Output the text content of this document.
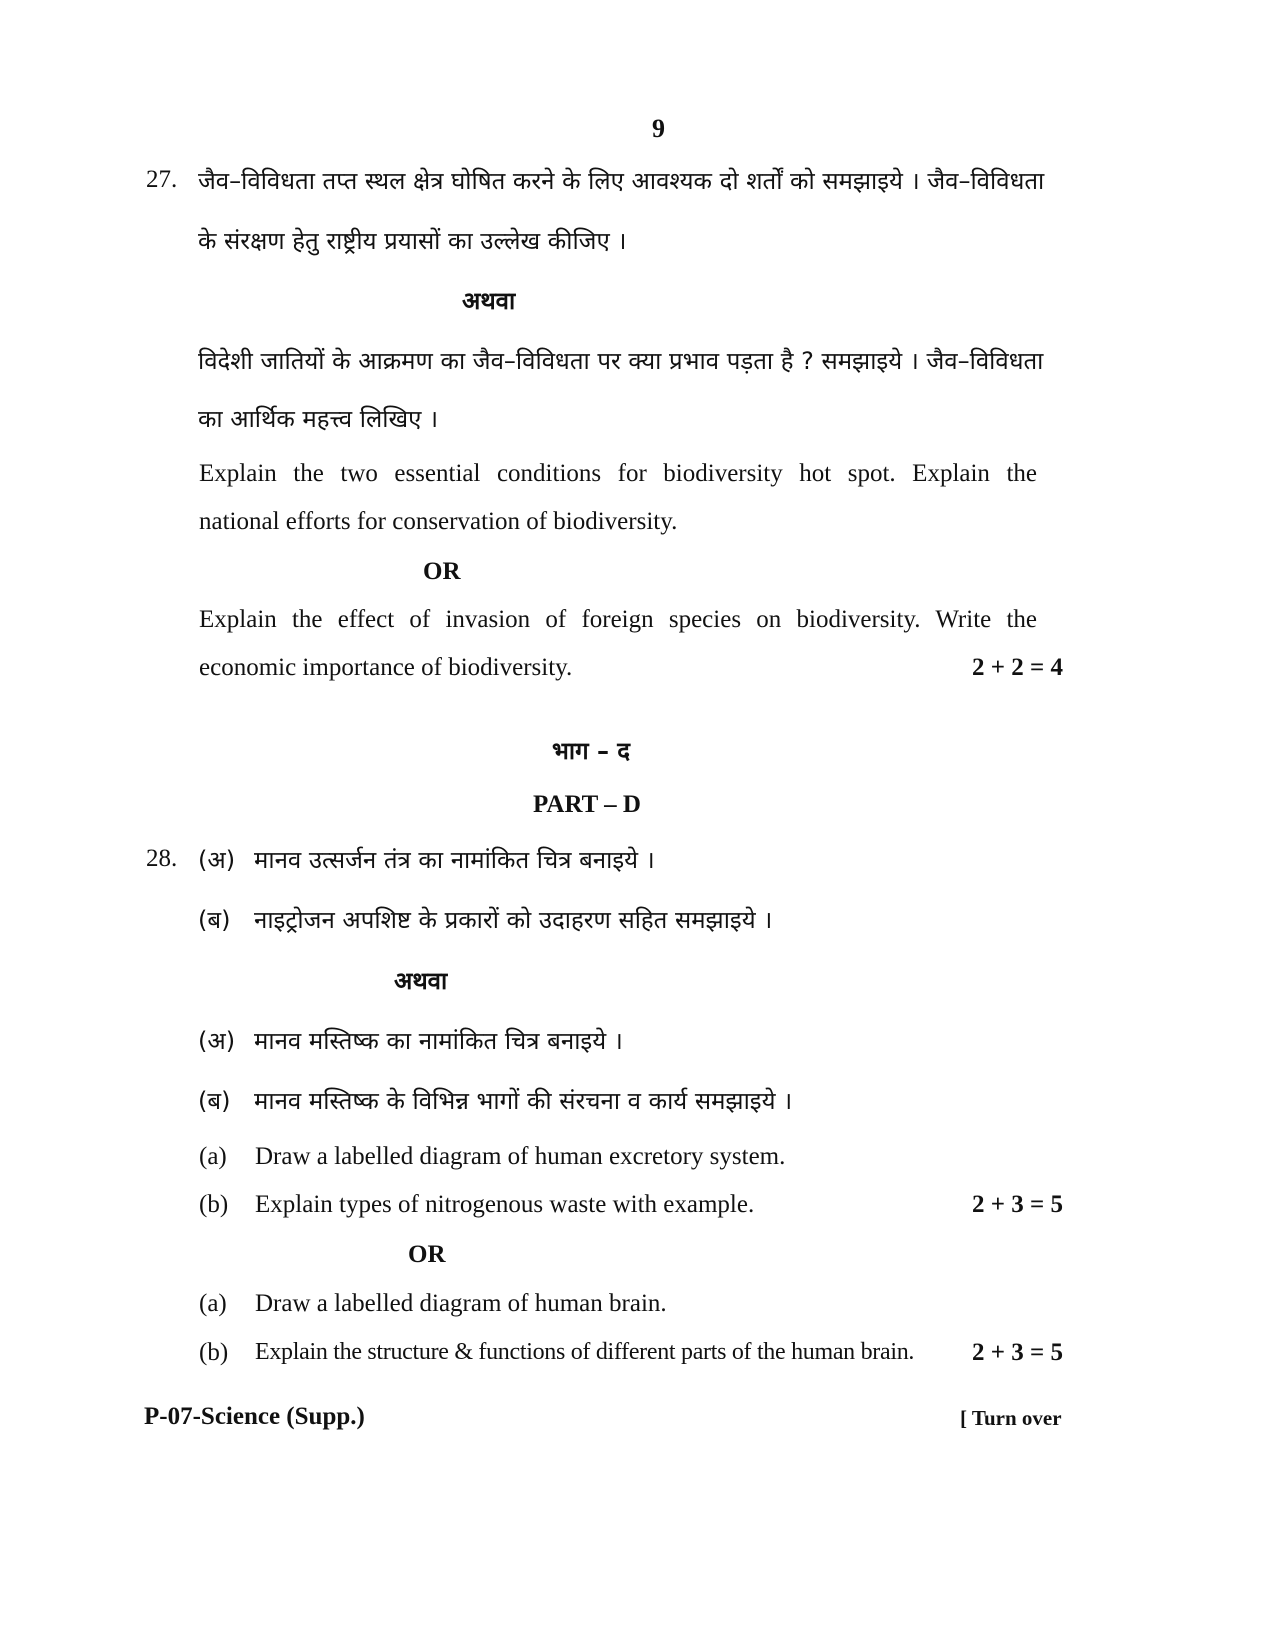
9
27. जैव–विविधता तप्त स्थल क्षेत्र घोषित करने के लिए आवश्यक दो शर्तों को समझाइये । जैव–विविधता
के संरक्षण हेतु राष्ट्रीय प्रयासों का उल्लेख कीजिए ।
अथवा
विदेशी जातियों के आक्रमण का जैव–विविधता पर क्या प्रभाव पड़ता है ? समझाइये । जैव–विविधता
का आर्थिक महत्त्व लिखिए ।
Explain the two essential conditions for biodiversity hot spot. Explain the
national efforts for conservation of biodiversity.
OR
Explain the effect of invasion of foreign species on biodiversity. Write the
economic importance of biodiversity.	2 + 2 = 4
भाग – द
PART – D
28. (अ) मानव उत्सर्जन तंत्र का नामांकित चित्र बनाइये ।
(ब) नाइट्रोजन अपशिष्ट के प्रकारों को उदाहरण सहित समझाइये ।
अथवा
(अ) मानव मस्तिष्क का नामांकित चित्र बनाइये ।
(ब) मानव मस्तिष्क के विभिन्न भागों की संरचना व कार्य समझाइये ।
(a) Draw a labelled diagram of human excretory system.
(b) Explain types of nitrogenous waste with example.	2 + 3 = 5
OR
(a) Draw a labelled diagram of human brain.
(b) Explain the structure & functions of different parts of the human brain. 2 + 3 = 5
P-07-Science (Supp.)	[ Turn over
